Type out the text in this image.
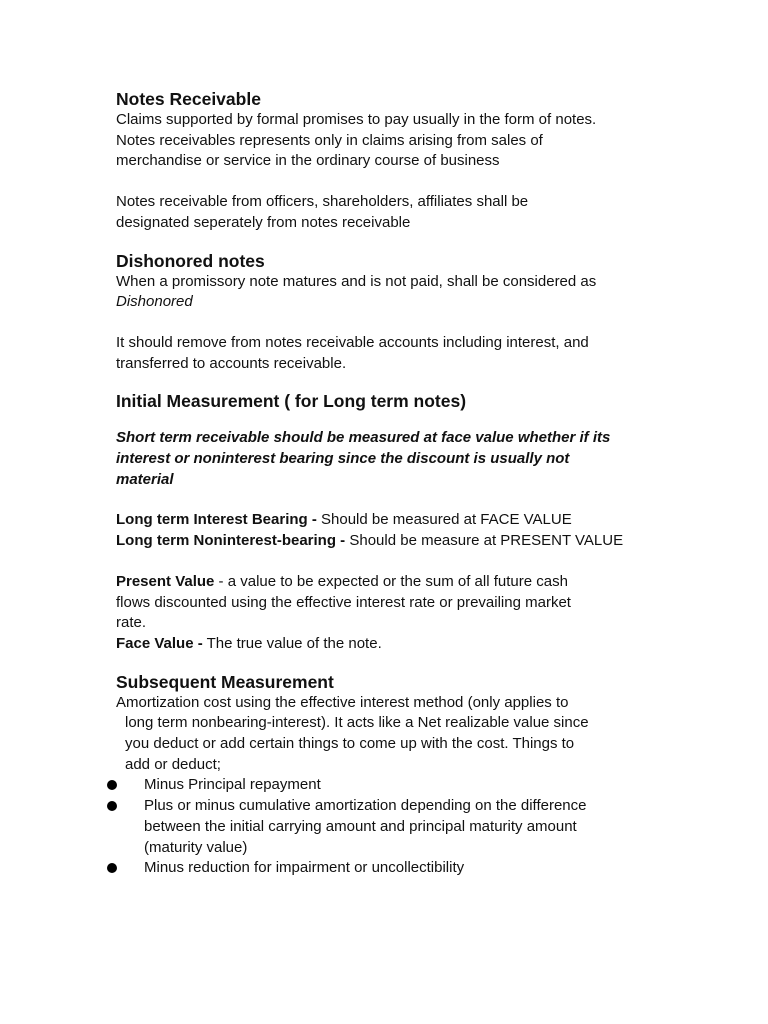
Notes Receivable

Claims supported by formal promises to pay usually in the form of notes.

Notes receivables represents only in claims arising from sales of

merchandise or service in the ordinary course of business

Notes receivable from officers, shareholders, affiliates shall be

designated seperately from notes receivable

Dishonored notes

When a promissory note matures and is not paid, shall be considered as

Dishonored

It should remove from notes receivable accounts including interest, and

transferred to accounts receivable.

Initial Measurement ( for Long term notes)

Short term receivable should be measured at face value whether if its

interest or noninterest bearing since the discount is usually not

material

Long term Interest Bearing - Should be measured at FACE VALUE

Long term Noninterest-bearing - Should be measure at PRESENT VALUE

Present Value - a value to be expected or the sum of all future cash

flows discounted using the effective interest rate or prevailing market

rate.

Face Value - The true value of the note.

Subsequent Measurement

Amortization cost using the effective interest method (only applies to

long term nonbearing-interest). It acts like a Net realizable value since

you deduct or add certain things to come up with the cost. Things to

add or deduct;

Minus Principal repayment
Plus or minus cumulative amortization depending on the difference
between the initial carrying amount and principal maturity amount
(maturity value)
Minus reduction for impairment or uncollectibility
